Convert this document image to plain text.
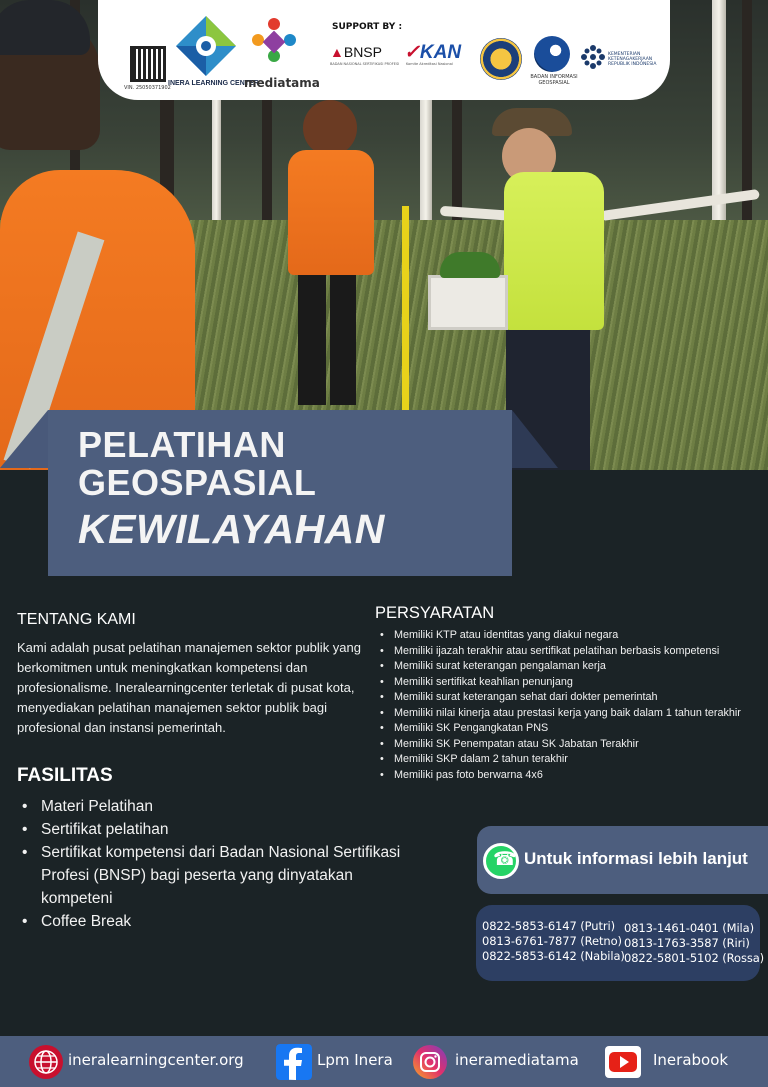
VIN. 25050371902
INERA LEARNING CENTER
mediatama
SUPPORT BY :
▲BNSP
BADAN NASIONAL SERTIFIKASI PROFESI
✓KAN
Komite Akreditasi Nasional
BADAN INFORMASI GEOSPASIAL
KEMENTERIAN KETENAGAKERJAAN REPUBLIK INDONESIA
PELATIHAN
GEOSPASIAL
KEWILAYAHAN
TENTANG KAMI
Kami adalah pusat pelatihan manajemen sektor publik yang berkomitmen untuk meningkatkan kompetensi dan profesionalisme. Ineralearningcenter terletak di pusat kota, menyediakan pelatihan manajemen sektor publik bagi profesional dan instansi pemerintah.
FASILITAS
• Materi Pelatihan
• Sertifikat pelatihan
• Sertifikat kompetensi dari Badan Nasional Sertifikasi Profesi (BNSP) bagi peserta yang dinyatakan kompeteni
• Coffee Break
PERSYARATAN
• Memiliki KTP atau identitas yang diakui negara
• Memiliki ijazah terakhir atau sertifikat pelatihan berbasis kompetensi
• Memiliki surat keterangan pengalaman kerja
• Memiliki sertifikat keahlian penunjang
• Memiliki surat keterangan sehat dari dokter pemerintah
• Memiliki nilai kinerja atau prestasi kerja yang baik dalam 1 tahun terakhir
• Memiliki SK Pengangkatan PNS
• Memiliki SK Penempatan atau SK Jabatan Terakhir
• Memiliki SKP dalam 2 tahun terakhir
• Memiliki pas foto berwarna 4x6
☎
Untuk informasi lebih lanjut
0822-5853-6147 (Putri)
0813-6761-7877 (Retno)
0822-5853-6142 (Nabila)
0813-1461-0401 (Mila)
0813-1763-3587 (Riri)
0822-5801-5102 (Rossa)
ineralearningcenter.org	Lpm Inera	ineramediatama	Inerabook
